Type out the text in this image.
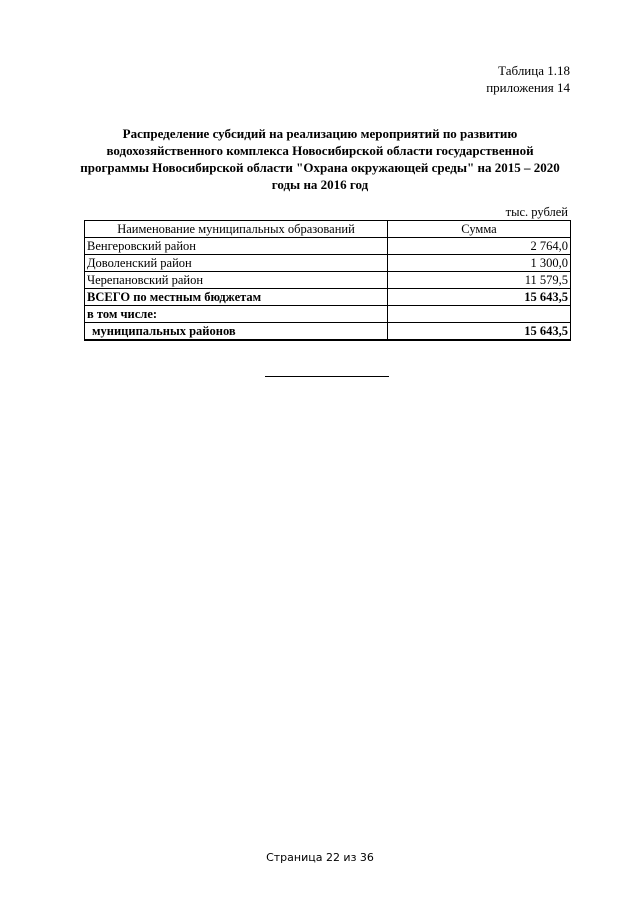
Таблица 1.18
приложения 14
Распределение субсидий на реализацию мероприятий по развитию
водохозяйственного комплекса Новосибирской области государственной
программы Новосибирской области "Охрана окружающей среды" на 2015 – 2020
годы на 2016 год
тыс. рублей
Наименование муниципальных образований	Сумма
Венгеровский район	2 764,0
Доволенский район	1 300,0
Черепановский район	11 579,5
ВСЕГО по местным бюджетам	15 643,5
в том числе:	
муниципальных районов	15 643,5
Страница 22 из 36
